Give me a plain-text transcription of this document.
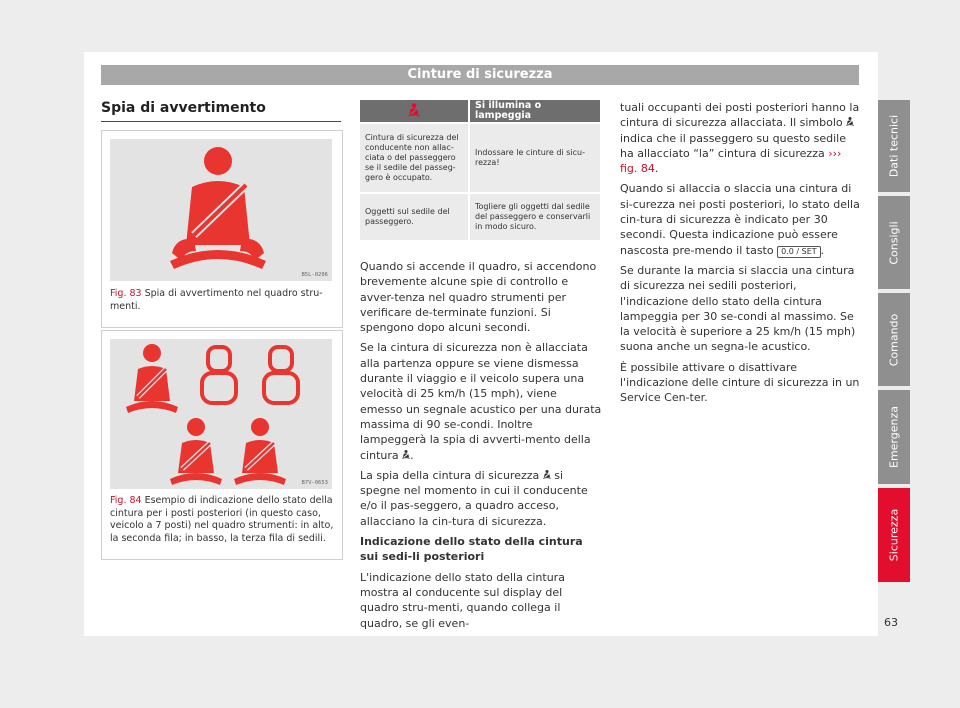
Cinture di sicurezza
Spia di avvertimento
B5L-0206
Fig. 83 Spia di avvertimento nel quadro stru-menti.
B7V-0653
Fig. 84 Esempio di indicazione dello stato della cintura per i posti posteriori (in questo caso, veicolo a 7 posti) nel quadro strumenti: in alto, la seconda fila; in basso, la terza fila di sedili.
	Si illumina o lampeggia
Cintura di sicurezza del conducente non allac-ciata o del passeggero se il sedile del passeg-gero è occupato.	Indossare le cinture di sicu-rezza!
Oggetti sul sedile del passeggero.	Togliere gli oggetti dal sedile del passeggero e conservarli in modo sicuro.

Quando si accende il quadro, si accendono brevemente alcune spie di controllo e avver-tenza nel quadro strumenti per verificare de-terminate funzioni. Si spengono dopo alcuni secondi.

Se la cintura di sicurezza non è allacciata alla partenza oppure se viene dismessa durante il viaggio e il veicolo supera una velocità di 25 km/h (15 mph), viene emesso un segnale acustico per una durata massima di 90 se-condi. Inoltre lampeggerà la spia di avverti-mento della cintura .

La spia della cintura di sicurezza si spegne nel momento in cui il conducente e/o il pas-seggero, a quadro acceso, allacciano la cin-tura di sicurezza.

Indicazione dello stato della cintura sui sedi-li posteriori

L'indicazione dello stato della cintura mostra al conducente sul display del quadro stru-menti, quando collega il quadro, se gli even-

tuali occupanti dei posti posteriori hanno la cintura di sicurezza allacciata. Il simbolo  indica che il passeggero su questo sedile ha allacciato “la” cintura di sicurezza ››› fig. 84.

Quando si allaccia o slaccia una cintura di si-curezza nei posti posteriori, lo stato della cin-tura di sicurezza è indicato per 30 secondi. Questa indicazione può essere nascosta pre-mendo il tasto 0.0 / SET .

Se durante la marcia si slaccia una cintura di sicurezza nei sedili posteriori, l'indicazione dello stato della cintura lampeggia per 30 se-condi al massimo. Se la velocità è superiore a 25 km/h (15 mph) suona anche un segna-le acustico.

È possibile attivare o disattivare l'indicazione delle cinture di sicurezza in un Service Cen-ter.

Dati tecnici
Consigli
Comando
Emergenza
Sicurezza
63
